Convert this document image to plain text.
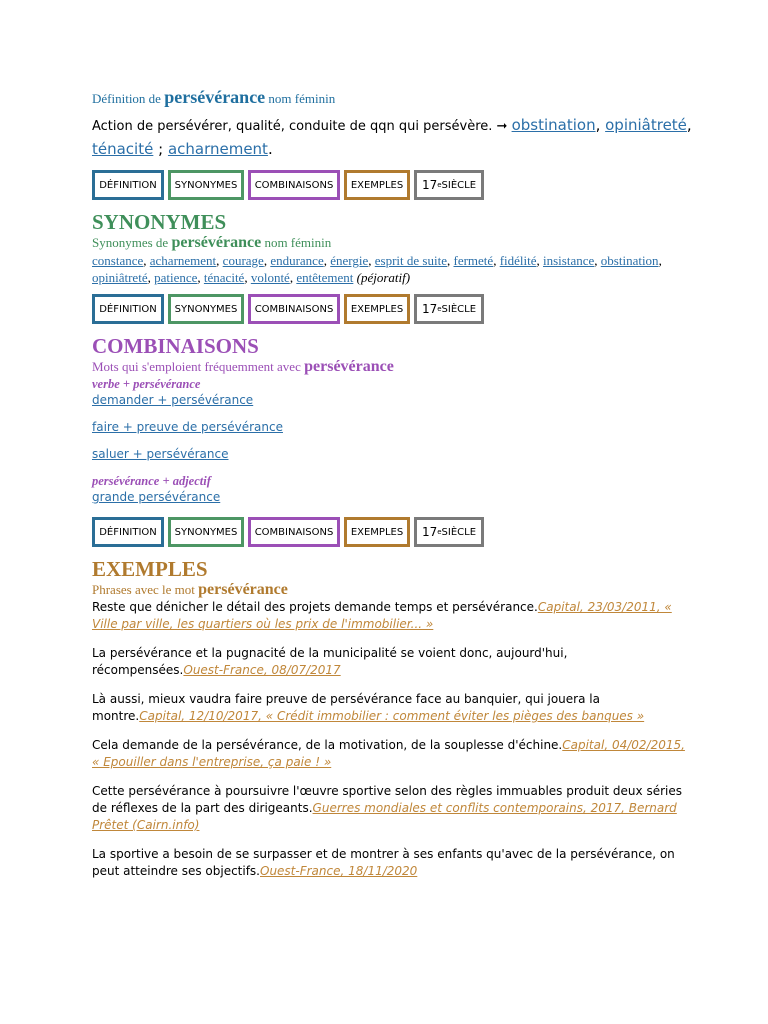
Définition de persévérance nom féminin
Action de persévérer, qualité, conduite de qqn qui persévère. ➞ obstination, opiniâtreté, ténacité ; acharnement.
DÉFINITION	SYNONYMES	COMBINAISONS	EXEMPLES	17 e SIÈCLE
SYNONYMES
Synonymes de persévérance nom féminin
constance, acharnement, courage, endurance, énergie, esprit de suite, fermeté, fidélité, insistance, obstination, opiniâtreté, patience, ténacité, volonté, entêtement (péjoratif)
DÉFINITION	SYNONYMES	COMBINAISONS	EXEMPLES	17 e SIÈCLE
COMBINAISONS
Mots qui s'emploient fréquemment avec persévérance
verbe + persévérance
demander + persévérance
faire + preuve de persévérance
saluer + persévérance
persévérance + adjectif
grande persévérance
DÉFINITION	SYNONYMES	COMBINAISONS	EXEMPLES	17 e SIÈCLE
EXEMPLES
Phrases avec le mot persévérance
Reste que dénicher le détail des projets demande temps et persévérance.Capital, 23/03/2011, « Ville par ville, les quartiers où les prix de l'immobilier... »
La persévérance et la pugnacité de la municipalité se voient donc, aujourd'hui, récompensées.Ouest-France, 08/07/2017
Là aussi, mieux vaudra faire preuve de persévérance face au banquier, qui jouera la montre.Capital, 12/10/2017, « Crédit immobilier : comment éviter les pièges des banques »
Cela demande de la persévérance, de la motivation, de la souplesse d'échine.Capital, 04/02/2015, « Epouiller dans l'entreprise, ça paie ! »
Cette persévérance à poursuivre l'œuvre sportive selon des règles immuables produit deux séries de réflexes de la part des dirigeants.Guerres mondiales et conflits contemporains, 2017, Bernard Prêtet (Cairn.info)
La sportive a besoin de se surpasser et de montrer à ses enfants qu'avec de la persévérance, on peut atteindre ses objectifs.Ouest-France, 18/11/2020
